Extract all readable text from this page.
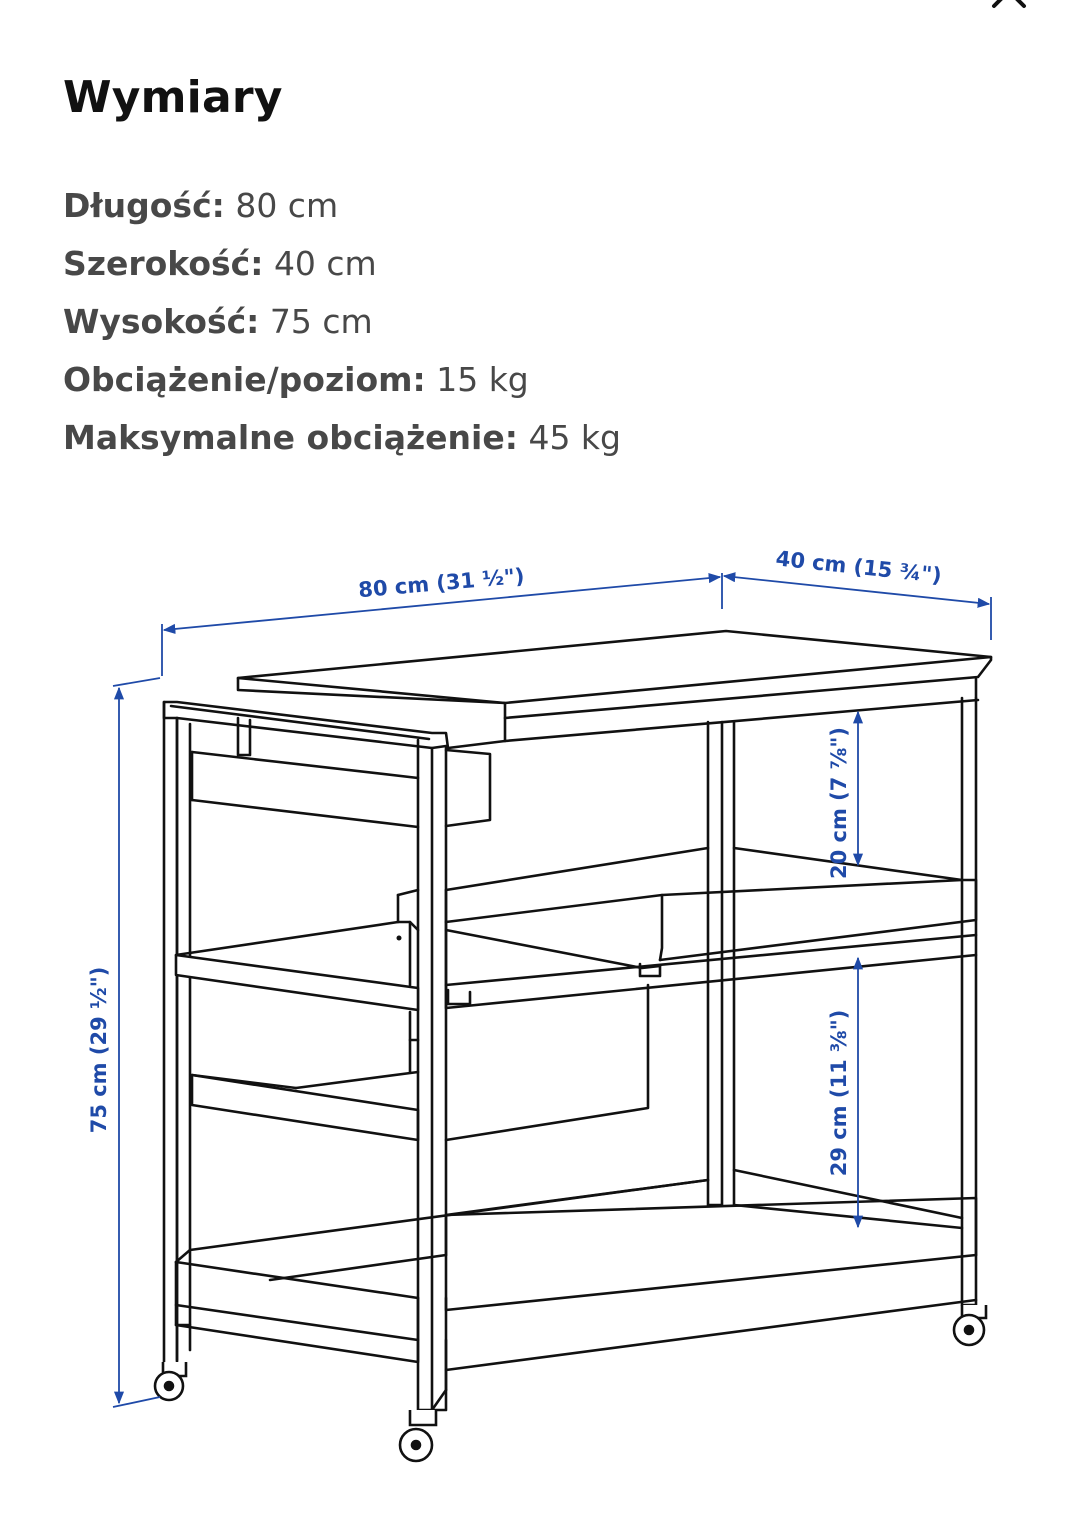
Wymiary
Długość: 80 cm
Szerokość: 40 cm
Wysokość: 75 cm
Obciążenie/poziom: 15 kg
Maksymalne obciążenie: 45 kg
80 cm (31 ½")	40 cm (15 ¾")
75 cm (29 ½")
20 cm (7 ⅞")
29 cm (11 ⅜")
